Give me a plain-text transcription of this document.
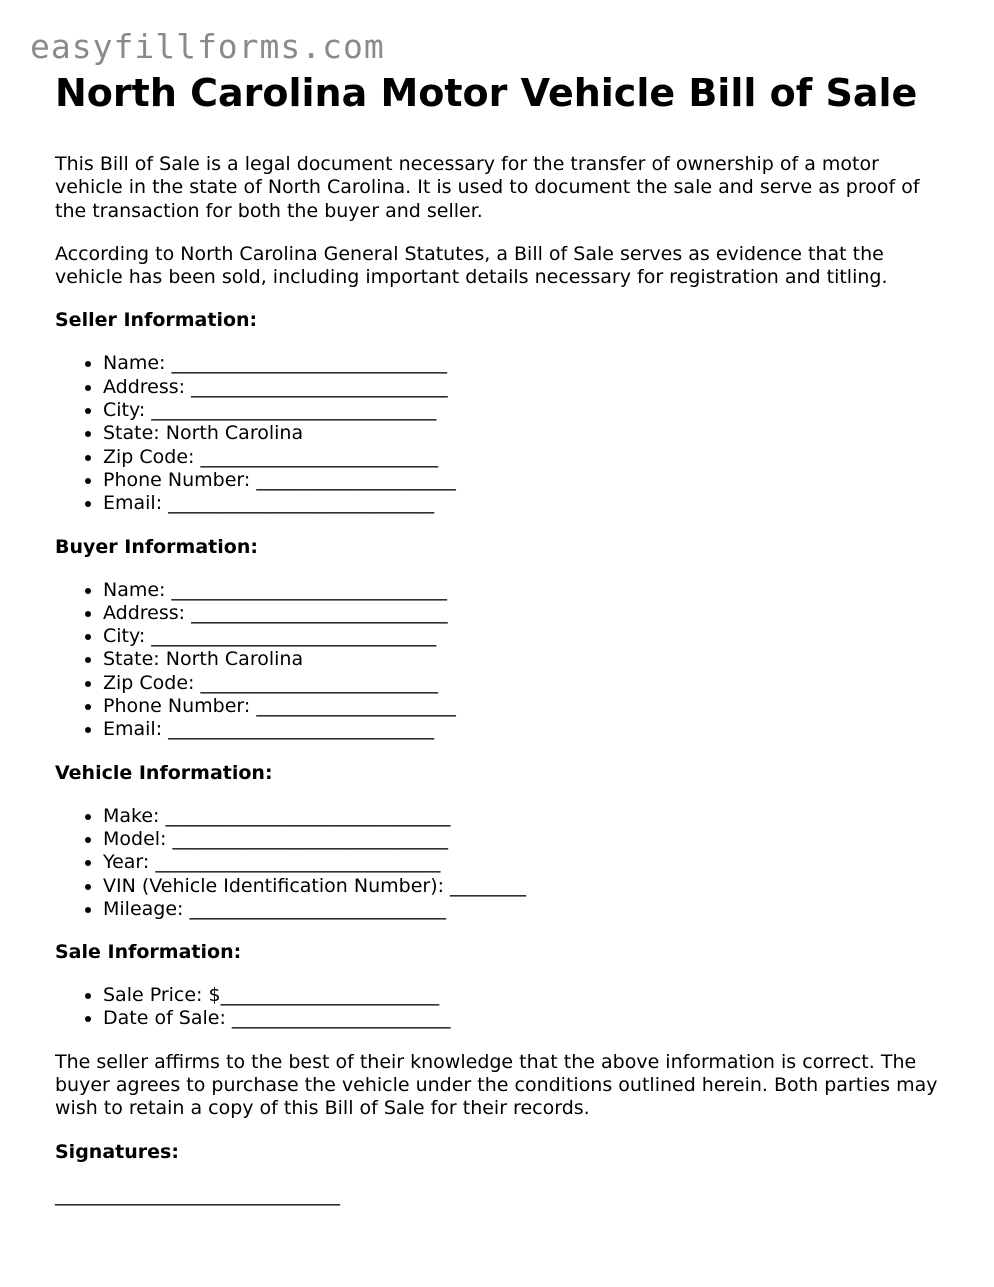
easyfillforms.com
North Carolina Motor Vehicle Bill of Sale

This Bill of Sale is a legal document necessary for the transfer of ownership of a motor vehicle in the state of North Carolina. It is used to document the sale and serve as proof of the transaction for both the buyer and seller.

According to North Carolina General Statutes, a Bill of Sale serves as evidence that the vehicle has been sold, including important details necessary for registration and titling.

Seller Information:
• Name: _____________________________
• Address: ___________________________
• City: ______________________________
• State: North Carolina
• Zip Code: _________________________
• Phone Number: _____________________
• Email: ____________________________
Buyer Information:
• Name: _____________________________
• Address: ___________________________
• City: ______________________________
• State: North Carolina
• Zip Code: _________________________
• Phone Number: _____________________
• Email: ____________________________
Vehicle Information:
• Make: ______________________________
• Model: _____________________________
• Year: ______________________________
• VIN (Vehicle Identification Number): ________
• Mileage: ___________________________
Sale Information:
• Sale Price: $_______________________
• Date of Sale: _______________________

The seller affirms to the best of their knowledge that the above information is correct. The buyer agrees to purchase the vehicle under the conditions outlined herein. Both parties may wish to retain a copy of this Bill of Sale for their records.

Signatures:
______________________________
